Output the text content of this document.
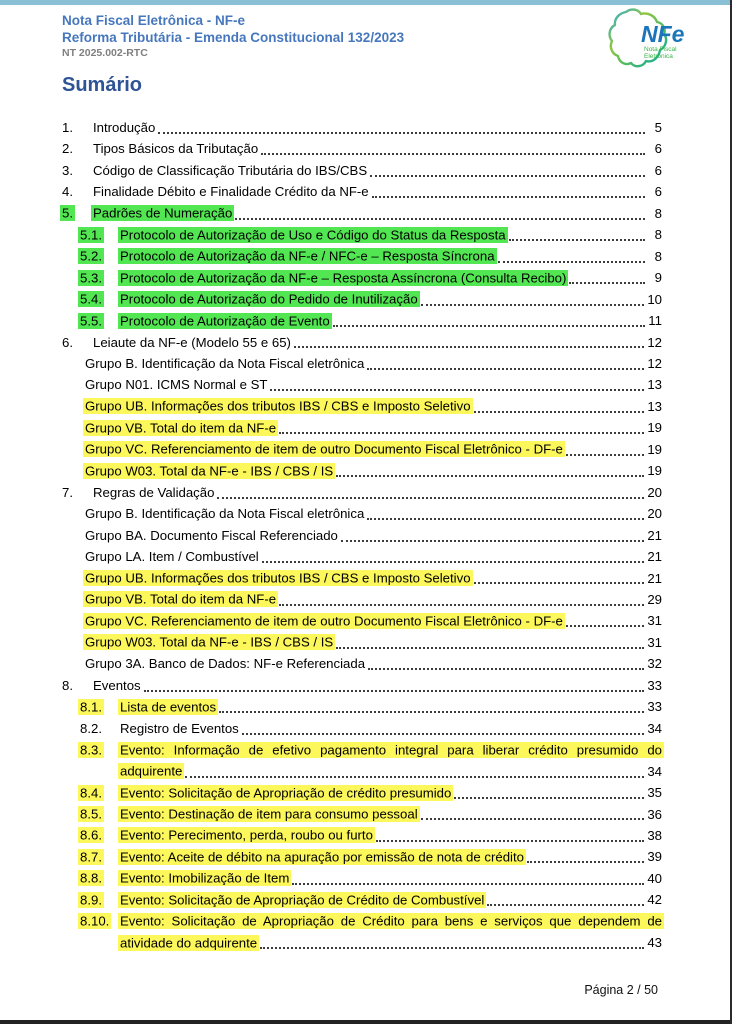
Nota Fiscal Eletrônica - NF-e
Reforma Tributária - Emenda Constitucional 132/2023
NT 2025.002-RTC
NFe
Nota Fiscal
Eletrônica
Sumário
1.	Introdução	5
2.	Tipos Básicos da Tributação	6
3.	Código de Classificação Tributária do IBS/CBS	6
4.	Finalidade Débito e Finalidade Crédito da NF-e	6
5.	Padrões de Numeração	8
5.1.	Protocolo de Autorização de Uso e Código do Status da Resposta	8
5.2.	Protocolo de Autorização da NF-e / NFC-e – Resposta Síncrona	8
5.3.	Protocolo de Autorização da NF-e – Resposta Assíncrona (Consulta Recibo)	9
5.4.	Protocolo de Autorização do Pedido de Inutilização	10
5.5.	Protocolo de Autorização de Evento	11
6.	Leiaute da NF-e (Modelo 55 e 65)	12
Grupo B. Identificação da Nota Fiscal eletrônica	12
Grupo N01. ICMS Normal e ST	13
Grupo UB. Informações dos tributos IBS / CBS e Imposto Seletivo	13
Grupo VB. Total do item da NF-e	19
Grupo VC. Referenciamento de item de outro Documento Fiscal Eletrônico - DF-e	19
Grupo W03. Total da NF-e - IBS / CBS / IS	19
7.	Regras de Validação	20
Grupo B. Identificação da Nota Fiscal eletrônica	20
Grupo BA. Documento Fiscal Referenciado	21
Grupo LA. Item / Combustível	21
Grupo UB. Informações dos tributos IBS / CBS e Imposto Seletivo	21
Grupo VB. Total do item da NF-e	29
Grupo VC. Referenciamento de item de outro Documento Fiscal Eletrônico - DF-e	31
Grupo W03. Total da NF-e - IBS / CBS / IS	31
Grupo 3A. Banco de Dados: NF-e Referenciada	32
8.	Eventos	33
8.1.	Lista de eventos	33
8.2.	Registro de Eventos	34
8.3.	Evento: Informação de efetivo pagamento integral para liberar crédito presumido do
adquirente	34
8.4.	Evento: Solicitação de Apropriação de crédito presumido	35
8.5.	Evento: Destinação de item para consumo pessoal	36
8.6.	Evento: Perecimento, perda, roubo ou furto	38
8.7.	Evento: Aceite de débito na apuração por emissão de nota de crédito	39
8.8.	Evento: Imobilização de Item	40
8.9.	Evento: Solicitação de Apropriação de Crédito de Combustível	42
8.10. Evento: Solicitação de Apropriação de Crédito para bens e serviços que dependem de
atividade do adquirente	43
Página 2 / 50
